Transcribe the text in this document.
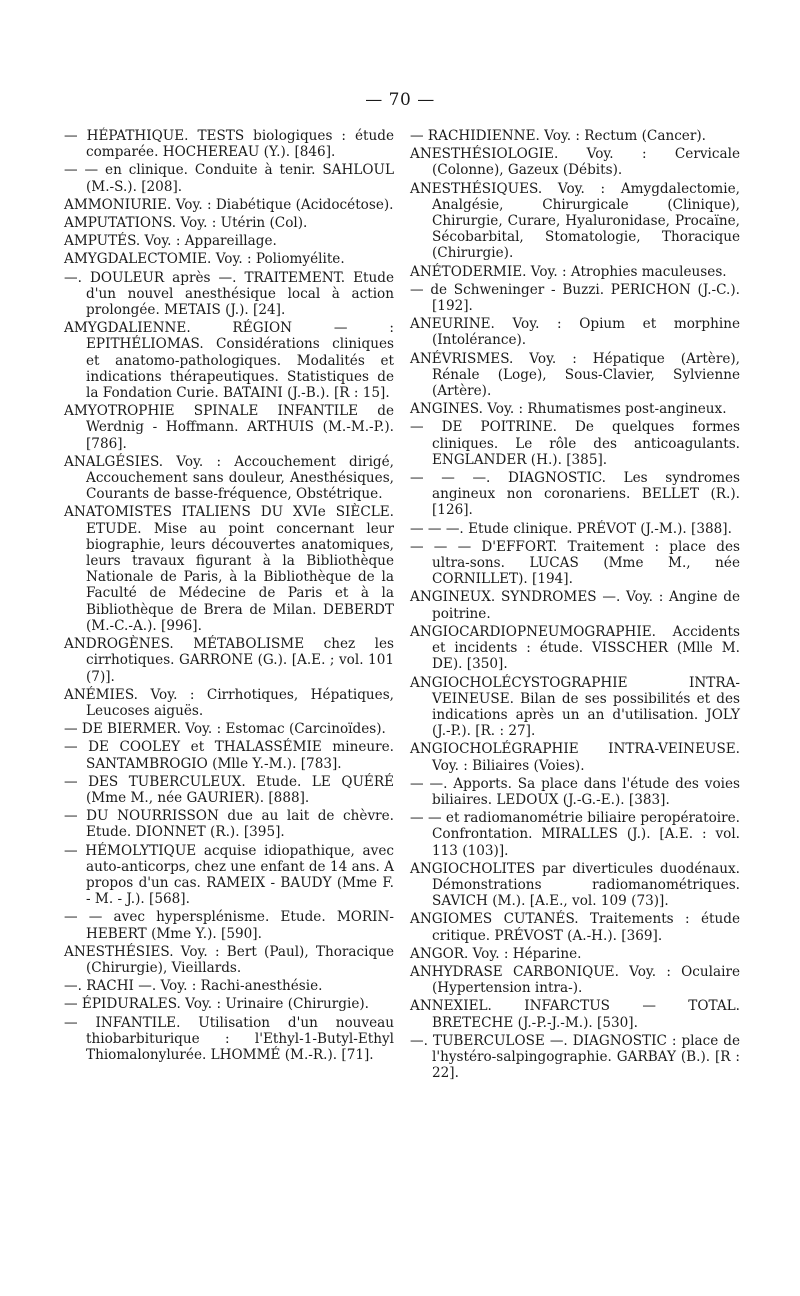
— 70 —

— HÉPATHIQUE. TESTS biologiques : étude comparée. HOCHEREAU (Y.). [846].

— — en clinique. Conduite à tenir. SAHLOUL (M.-S.). [208].

AMMONIURIE. Voy. : Diabétique (Acidocétose).

AMPUTATIONS. Voy. : Utérin (Col).

AMPUTÉS. Voy. : Appareillage.

AMYGDALECTOMIE. Voy. : Poliomyélite.

—. DOULEUR après —. TRAITEMENT. Etude d'un nouvel anesthésique local à action prolongée. METAIS (J.). [24].

AMYGDALIENNE. RÉGION — : EPITHÉLIOMAS. Considérations cliniques et anatomo-pathologiques. Modalités et indications thérapeutiques. Statistiques de la Fondation Curie. BATAINI (J.-B.). [R : 15].

AMYOTROPHIE SPINALE INFANTILE de Werdnig - Hoffmann. ARTHUIS (M.-M.-P.). [786].

ANALGÉSIES. Voy. : Accouchement dirigé, Accouchement sans douleur, Anesthésiques, Courants de basse-fréquence, Obstétrique.

ANATOMISTES ITALIENS DU XVIe SIÈCLE. ETUDE. Mise au point concernant leur biographie, leurs découvertes anatomiques, leurs travaux figurant à la Bibliothèque Nationale de Paris, à la Bibliothèque de la Faculté de Médecine de Paris et à la Bibliothèque de Brera de Milan. DEBERDT (M.-C.-A.). [996].

ANDROGÈNES. MÉTABOLISME chez les cirrhotiques. GARRONE (G.). [A.E. ; vol. 101 (7)].

ANÉMIES. Voy. : Cirrhotiques, Hépatiques, Leucoses aiguës.

— DE BIERMER. Voy. : Estomac (Carcinoïdes).

— DE COOLEY et THALASSÉMIE mineure. SANTAMBROGIO (Mlle Y.-M.). [783].

— DES TUBERCULEUX. Etude. LE QUÉRÉ (Mme M., née GAURIER). [888].

— DU NOURRISSON due au lait de chèvre. Etude. DIONNET (R.). [395].

— HÉMOLYTIQUE acquise idiopathique, avec auto-anticorps, chez une enfant de 14 ans. A propos d'un cas. RAMEIX - BAUDY (Mme F. - M. - J.). [568].

— — avec hypersplénisme. Etude. MORIN-HEBERT (Mme Y.). [590].

ANESTHÉSIES. Voy. : Bert (Paul), Thoracique (Chirurgie), Vieillards.

—. RACHI —. Voy. : Rachi-anesthésie.

— ÉPIDURALES. Voy. : Urinaire (Chirurgie).

— INFANTILE. Utilisation d'un nouveau thiobarbiturique : l'Ethyl-1-Butyl-Ethyl Thiomalonylurée. LHOMMÉ (M.-R.). [71].

— RACHIDIENNE. Voy. : Rectum (Cancer).

ANESTHÉSIOLOGIE. Voy. : Cervicale (Colonne), Gazeux (Débits).

ANESTHÉSIQUES. Voy. : Amygdalectomie, Analgésie, Chirurgicale (Clinique), Chirurgie, Curare, Hyaluronidase, Procaïne, Sécobarbital, Stomatologie, Thoracique (Chirurgie).

ANÉTODERMIE. Voy. : Atrophies maculeuses.

— de Schweninger - Buzzi. PERICHON (J.-C.). [192].

ANEURINE. Voy. : Opium et morphine (Intolérance).

ANÉVRISMES. Voy. : Hépatique (Artère), Rénale (Loge), Sous-Clavier, Sylvienne (Artère).

ANGINES. Voy. : Rhumatismes post-angineux.

— DE POITRINE. De quelques formes cliniques. Le rôle des anticoagulants. ENGLANDER (H.). [385].

— — —. DIAGNOSTIC. Les syndromes angineux non coronariens. BELLET (R.). [126].

— — —. Etude clinique. PRÉVOT (J.-M.). [388].

— — — D'EFFORT. Traitement : place des ultra-sons. LUCAS (Mme M., née CORNILLET). [194].

ANGINEUX. SYNDROMES —. Voy. : Angine de poitrine.

ANGIOCARDIOPNEUMOGRAPHIE. Accidents et incidents : étude. VISSCHER (Mlle M. DE). [350].

ANGIOCHOLÉCYSTOGRAPHIE INTRA-VEINEUSE. Bilan de ses possibilités et des indications après un an d'utilisation. JOLY (J.-P.). [R. : 27].

ANGIOCHOLÉGRAPHIE INTRA-VEINEUSE. Voy. : Biliaires (Voies).

— —. Apports. Sa place dans l'étude des voies biliaires. LEDOUX (J.-G.-E.). [383].

— — et radiomanométrie biliaire peropératoire. Confrontation. MIRALLES (J.). [A.E. : vol. 113 (103)].

ANGIOCHOLITES par diverticules duodénaux. Démonstrations radiomanométriques. SAVICH (M.). [A.E., vol. 109 (73)].

ANGIOMES CUTANÉS. Traitements : étude critique. PRÉVOST (A.-H.). [369].

ANGOR. Voy. : Héparine.

ANHYDRASE CARBONIQUE. Voy. : Oculaire (Hypertension intra-).

ANNEXIEL. INFARCTUS — TOTAL. BRETECHE (J.-P.-J.-M.). [530].

—. TUBERCULOSE —. DIAGNOSTIC : place de l'hystéro-salpingographie. GARBAY (B.). [R : 22].
